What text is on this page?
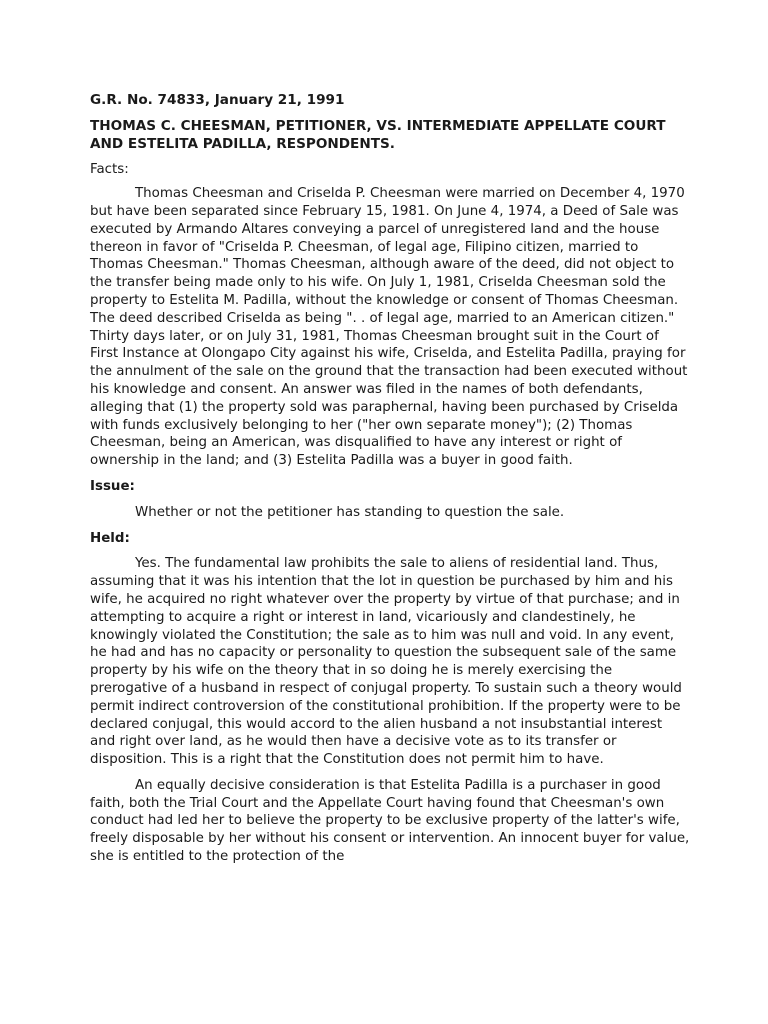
G.R. No. 74833, January 21, 1991
THOMAS C. CHEESMAN, PETITIONER, VS. INTERMEDIATE APPELLATE COURT AND ESTELITA PADILLA, RESPONDENTS.
Facts:

Thomas Cheesman and Criselda P. Cheesman were married on December 4, 1970 but have been separated since February 15, 1981. On June 4, 1974, a Deed of Sale was executed by Armando Altares conveying a parcel of unregistered land and the house thereon in favor of "Criselda P. Cheesman, of legal age, Filipino citizen, married to Thomas Cheesman." Thomas Cheesman, although aware of the deed, did not object to the transfer being made only to his wife. On July 1, 1981, Criselda Cheesman sold the property to Estelita M. Padilla, without the knowledge or consent of Thomas Cheesman. The deed described Criselda as being ". . of legal age, married to an American citizen." Thirty days later, or on July 31, 1981, Thomas Cheesman brought suit in the Court of First Instance at Olongapo City against his wife, Criselda, and Estelita Padilla, praying for the annulment of the sale on the ground that the transaction had been executed without his knowledge and consent. An answer was filed in the names of both defendants, alleging that (1) the property sold was paraphernal, having been purchased by Criselda with funds exclusively belonging to her ("her own separate money"); (2) Thomas Cheesman, being an American, was disqualified to have any interest or right of ownership in the land; and (3) Estelita Padilla was a buyer in good faith.

Issue:

Whether or not the petitioner has standing to question the sale.

Held:

Yes. The fundamental law prohibits the sale to aliens of residential land. Thus, assuming that it was his intention that the lot in question be purchased by him and his wife, he acquired no right whatever over the property by virtue of that purchase; and in attempting to acquire a right or interest in land, vicariously and clandestinely, he knowingly violated the Constitution; the sale as to him was null and void. In any event, he had and has no capacity or personality to question the subsequent sale of the same property by his wife on the theory that in so doing he is merely exercising the prerogative of a husband in respect of conjugal property. To sustain such a theory would permit indirect controversion of the constitutional prohibition. If the property were to be declared conjugal, this would accord to the alien husband a not insubstantial interest and right over land, as he would then have a decisive vote as to its transfer or disposition. This is a right that the Constitution does not permit him to have.

An equally decisive consideration is that Estelita Padilla is a purchaser in good faith, both the Trial Court and the Appellate Court having found that Cheesman's own conduct had led her to believe the property to be exclusive property of the latter's wife, freely disposable by her without his consent or intervention. An innocent buyer for value, she is entitled to the protection of the
